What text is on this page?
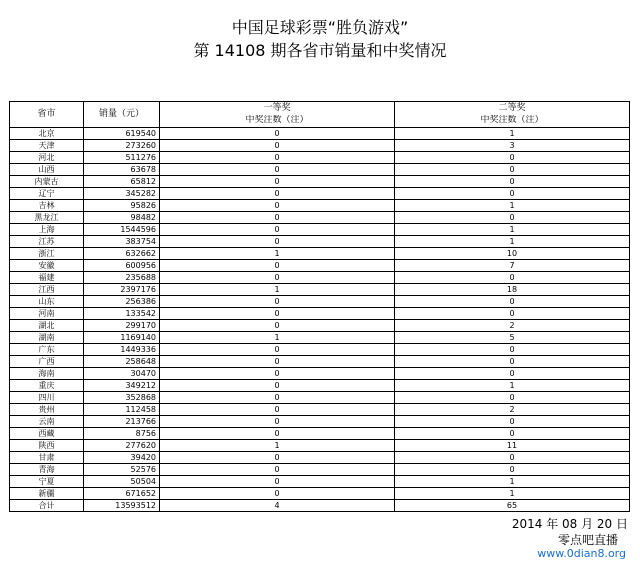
中国足球彩票“胜负游戏”
第 14108 期各省市销量和中奖情况
省市	销量（元）	一等奖	二等奖
		中奖注数（注）	中奖注数（注）
北京	619540	0	1
天津	273260	0	3
河北	511276	0	0
山西	63678	0	0
内蒙古	65812	0	0
辽宁	345282	0	0
吉林	95826	0	1
黑龙江	98482	0	0
上海	1544596	0	1
江苏	383754	0	1
浙江	632662	1	10
安徽	600956	0	7
福建	235688	0	0
江西	2397176	1	18
山东	256386	0	0
河南	133542	0	0
湖北	299170	0	2
湖南	1169140	1	5
广东	1449336	0	0
广西	258648	0	0
海南	30470	0	0
重庆	349212	0	1
四川	352868	0	0
贵州	112458	0	2
云南	213766	0	0
西藏	8756	0	0
陕西	277620	1	11
甘肃	39420	0	0
青海	52576	0	0
宁夏	50504	0	1
新疆	671652	0	1
合计	13593512	4	65
2014 年 08 月 20 日
零点吧直播
www.0dian8.org
